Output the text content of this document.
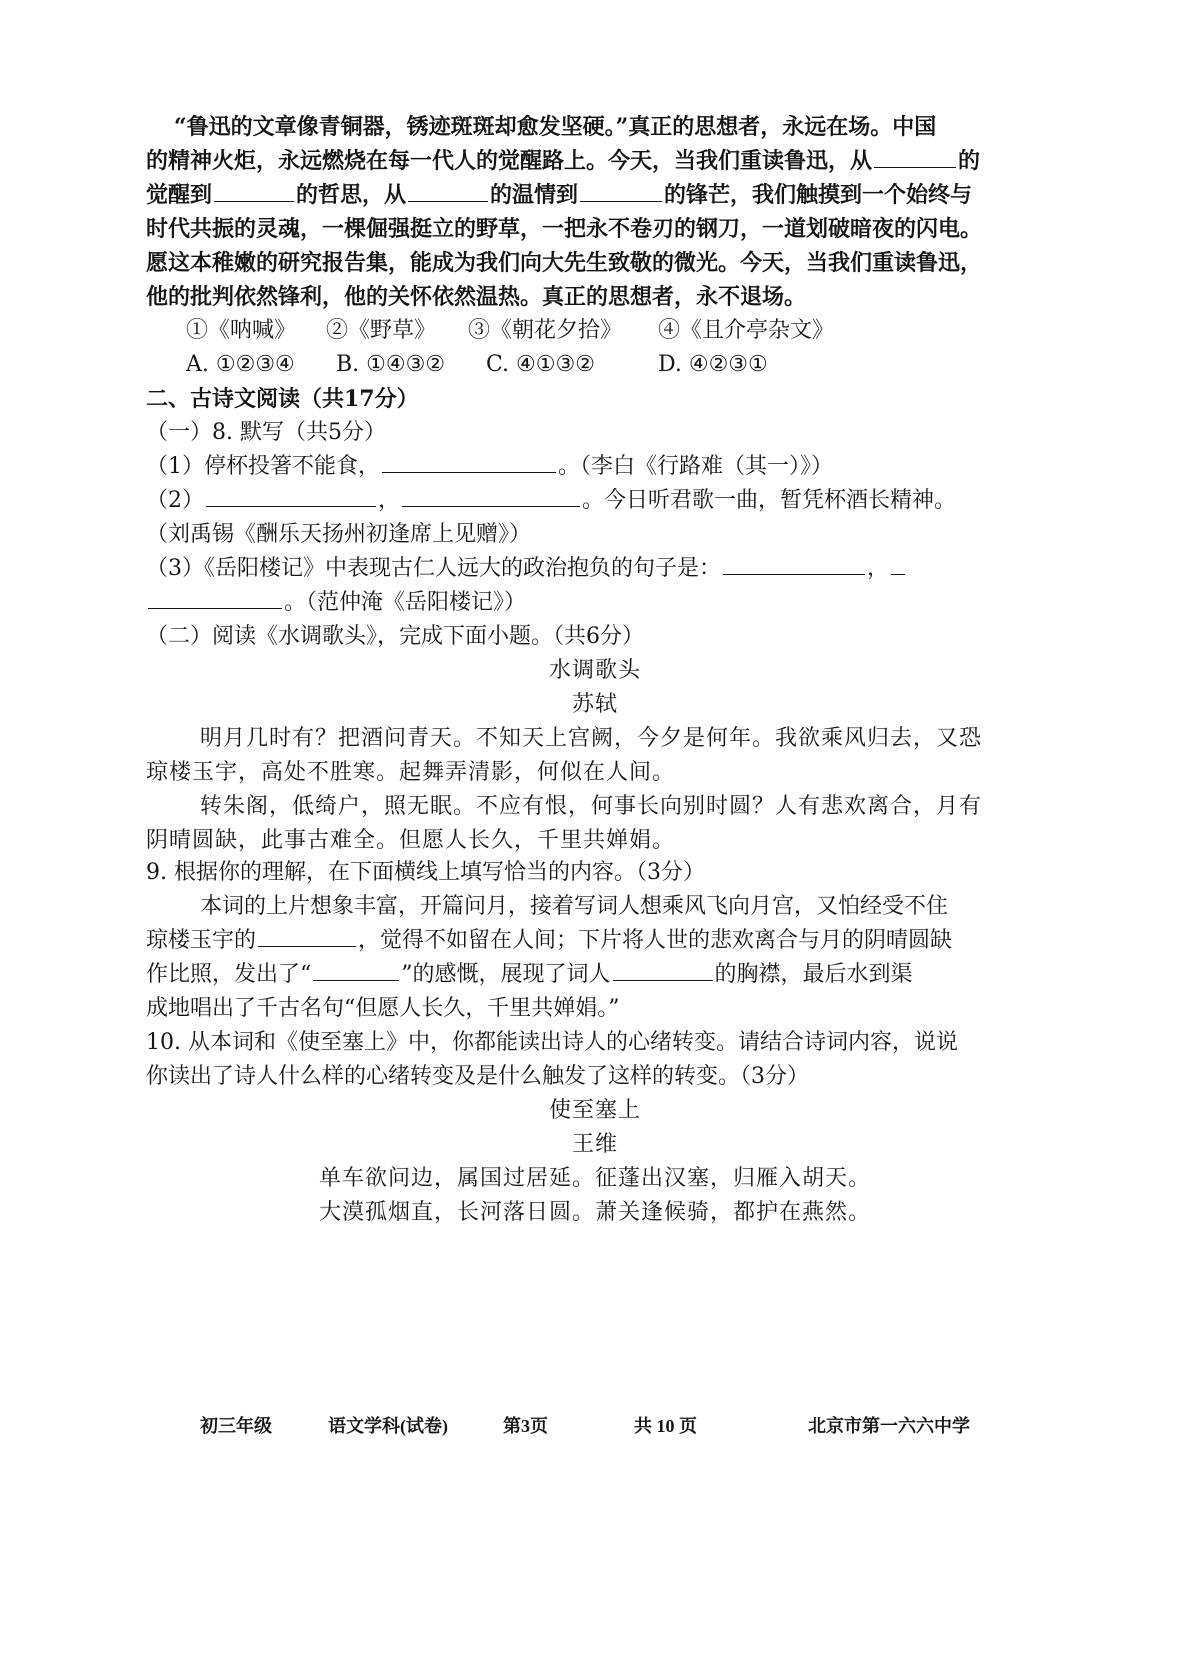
“鲁迅的文章像青铜器，锈迹斑斑却愈发坚硬。”真正的思想者，永远在场。中国
的精神火炬，永远燃烧在每一代人的觉醒路上。今天，当我们重读鲁迅，从	的
觉醒到	的哲思，从	的温情到	的锋芒，我们触摸到一个始终与
时代共振的灵魂，一棵倔强挺立的野草，一把永不卷刃的钢刀，一道划破暗夜的闪电。
愿这本稚嫩的研究报告集，能成为我们向大先生致敬的微光。今天，当我们重读鲁迅，
他的批判依然锋利，他的关怀依然温热。真正的思想者，永不退场。
①《呐喊》 ②《野草》 ③《朝花夕拾》 ④《且介亭杂文》
A. ①②③④ B. ①④③② C. ④①③②	D. ④②③①
二、古诗文阅读（共17分）
（一）8. 默写（共5分）
（1）停杯投箸不能食，	。（李白《行路难（其一）》）
（2）	，	。今日听君歌一曲，暂凭杯酒长精神。
（刘禹锡《酬乐天扬州初逢席上见赠》）
（3）《岳阳楼记》中表现古仁人远大的政治抱负的句子是：	，
。（范仲淹《岳阳楼记》）
（二）阅读《水调歌头》，完成下面小题。（共6分）
水调歌头
苏轼
明月几时有？把酒问青天。不知天上宫阙，今夕是何年。我欲乘风归去，又恐
琼楼玉宇，高处不胜寒。起舞弄清影，何似在人间。
转朱阁，低绮户，照无眠。不应有恨，何事长向别时圆？人有悲欢离合，月有
阴晴圆缺，此事古难全。但愿人长久，千里共婵娟。
9. 根据你的理解，在下面横线上填写恰当的内容。（3分）
本词的上片想象丰富，开篇问月，接着写词人想乘风飞向月宫，又怕经受不住
琼楼玉宇的	，觉得不如留在人间；下片将人世的悲欢离合与月的阴晴圆缺
作比照，发出了“	”的感慨，展现了词人	的胸襟，最后水到渠
成地唱出了千古名句“但愿人长久，千里共婵娟。”
10. 从本词和《使至塞上》中，你都能读出诗人的心绪转变。请结合诗词内容，说说
你读出了诗人什么样的心绪转变及是什么触发了这样的转变。（3分）
使至塞上
王维
单车欲问边，属国过居延。征蓬出汉塞，归雁入胡天。
大漠孤烟直，长河落日圆。萧关逢候骑，都护在燕然。
初三年级	语文学科(试卷)	第3页	共 10 页	北京市第一六六中学
